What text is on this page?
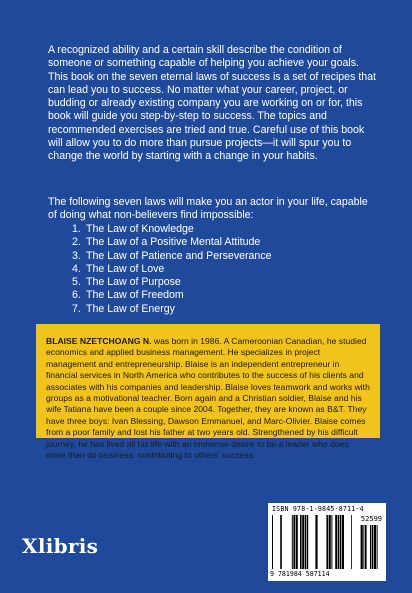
A recognized ability and a certain skill describe the condition of someone or something capable of helping you achieve your goals. This book on the seven eternal laws of success is a set of recipes that can lead you to success. No matter what your career, project, or budding or already existing company you are working on or for, this book will guide you step-by-step to success. The topics and recommended exercises are tried and true. Careful use of this book will allow you to do more than pursue projects—it will spur you to change the world by starting with a change in your habits.

The following seven laws will make you an actor in your life, capable of doing what non-believers find impossible:

1. The Law of Knowledge
2. The Law of a Positive Mental Attitude
3. The Law of Patience and Perseverance
4. The Law of Love
5. The Law of Purpose
6. The Law of Freedom
7. The Law of Energy
BLAISE NZETCHOANG N. was born in 1986. A Cameroonian Canadian, he studied economics and applied business management. He specializes in project management and entrepreneurship. Blaise is an independent entrepreneur in financial services in North America who contributes to the success of his clients and associates with his companies and leadership. Blaise loves teamwork and works with groups as a motivational teacher. Born again and a Christian soldier, Blaise and his wife Tatiana have been a couple since 2004. Together, they are known as B&T. They have three boys: Ivan Blessing, Dawson Emmanuel, and Marc-Olivier. Blaise comes from a poor family and lost his father at two years old. Strengthened by his difficult journey, he has lived all his life with an immense desire to be a leader who does more than do business: contributing to others' success.
Xlibris
ISBN 978-1-9845-8711-4
52599
9 781984 587114
